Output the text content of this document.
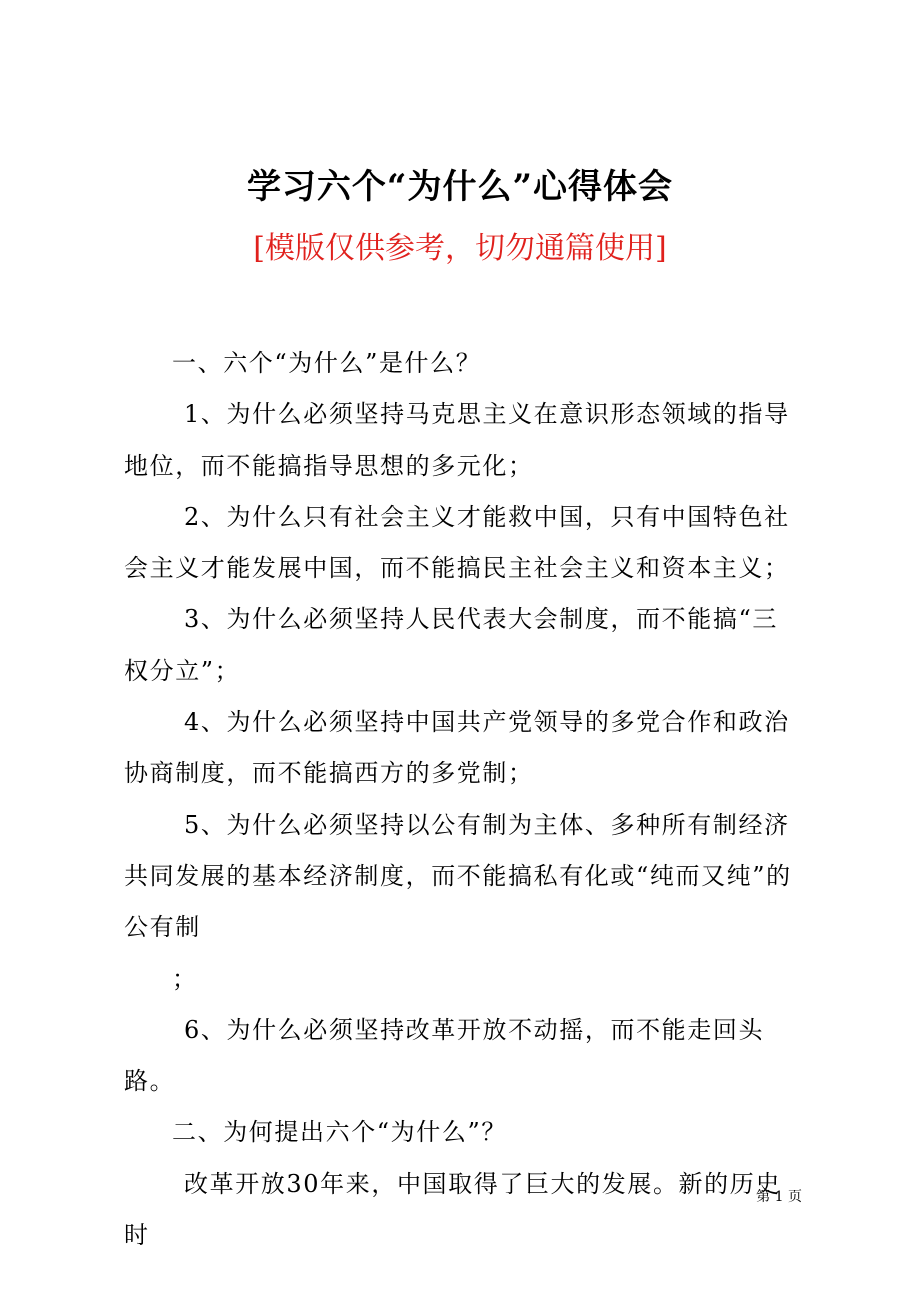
学习六个“为什么”心得体会
[模版仅供参考，切勿通篇使用]

一、六个“为什么”是什么？

1、为什么必须坚持马克思主义在意识形态领域的指导地位，而不能搞指导思想的多元化；

2、为什么只有社会主义才能救中国，只有中国特色社会主义才能发展中国，而不能搞民主社会主义和资本主义；

3、为什么必须坚持人民代表大会制度，而不能搞“三权分立”；

4、为什么必须坚持中国共产党领导的多党合作和政治协商制度，而不能搞西方的多党制；

5、为什么必须坚持以公有制为主体、多种所有制经济共同发展的基本经济制度，而不能搞私有化或“纯而又纯”的公有制

；

6、为什么必须坚持改革开放不动摇，而不能走回头路。

二、为何提出六个“为什么”？

改革开放30年来，中国取得了巨大的发展。新的历史时

第 1 页
